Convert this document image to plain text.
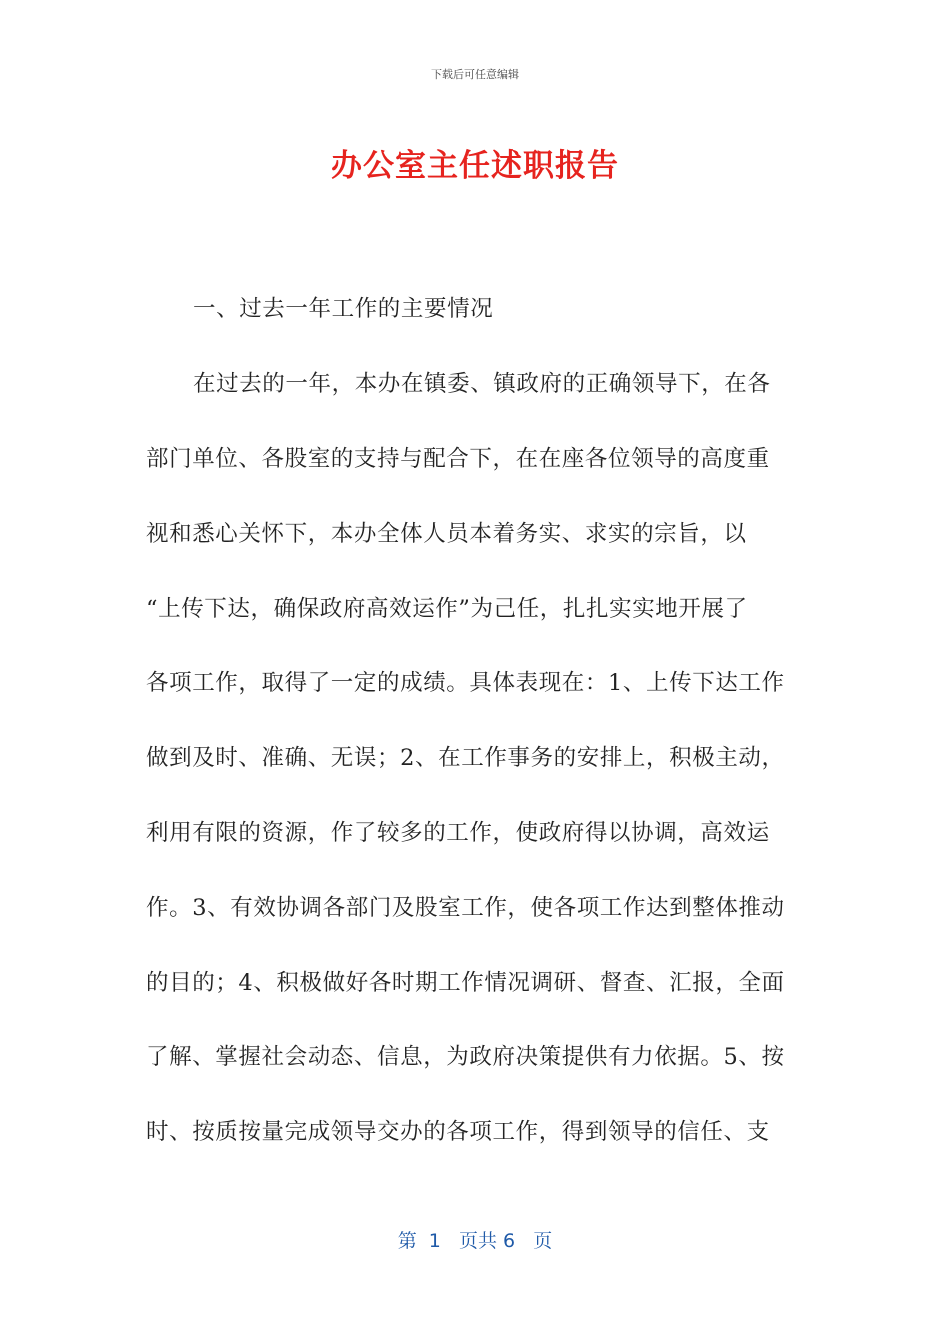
下载后可任意编辑
办公室主任述职报告
一、过去一年工作的主要情况
在过去的一年，本办在镇委、镇政府的正确领导下，在各
部门单位、各股室的支持与配合下，在在座各位领导的高度重
视和悉心关怀下，本办全体人员本着务实、求实的宗旨，以
“上传下达，确保政府高效运作”为己任，扎扎实实地开展了
各项工作，取得了一定的成绩。具体表现在：1、上传下达工作
做到及时、准确、无误；2、在工作事务的安排上，积极主动，
利用有限的资源，作了较多的工作，使政府得以协调，高效运
作。3、有效协调各部门及股室工作，使各项工作达到整体推动
的目的；4、积极做好各时期工作情况调研、督查、汇报，全面
了解、掌握社会动态、信息，为政府决策提供有力依据。5、按
时、按质按量完成领导交办的各项工作，得到领导的信任、支
第  1   页共 6   页
